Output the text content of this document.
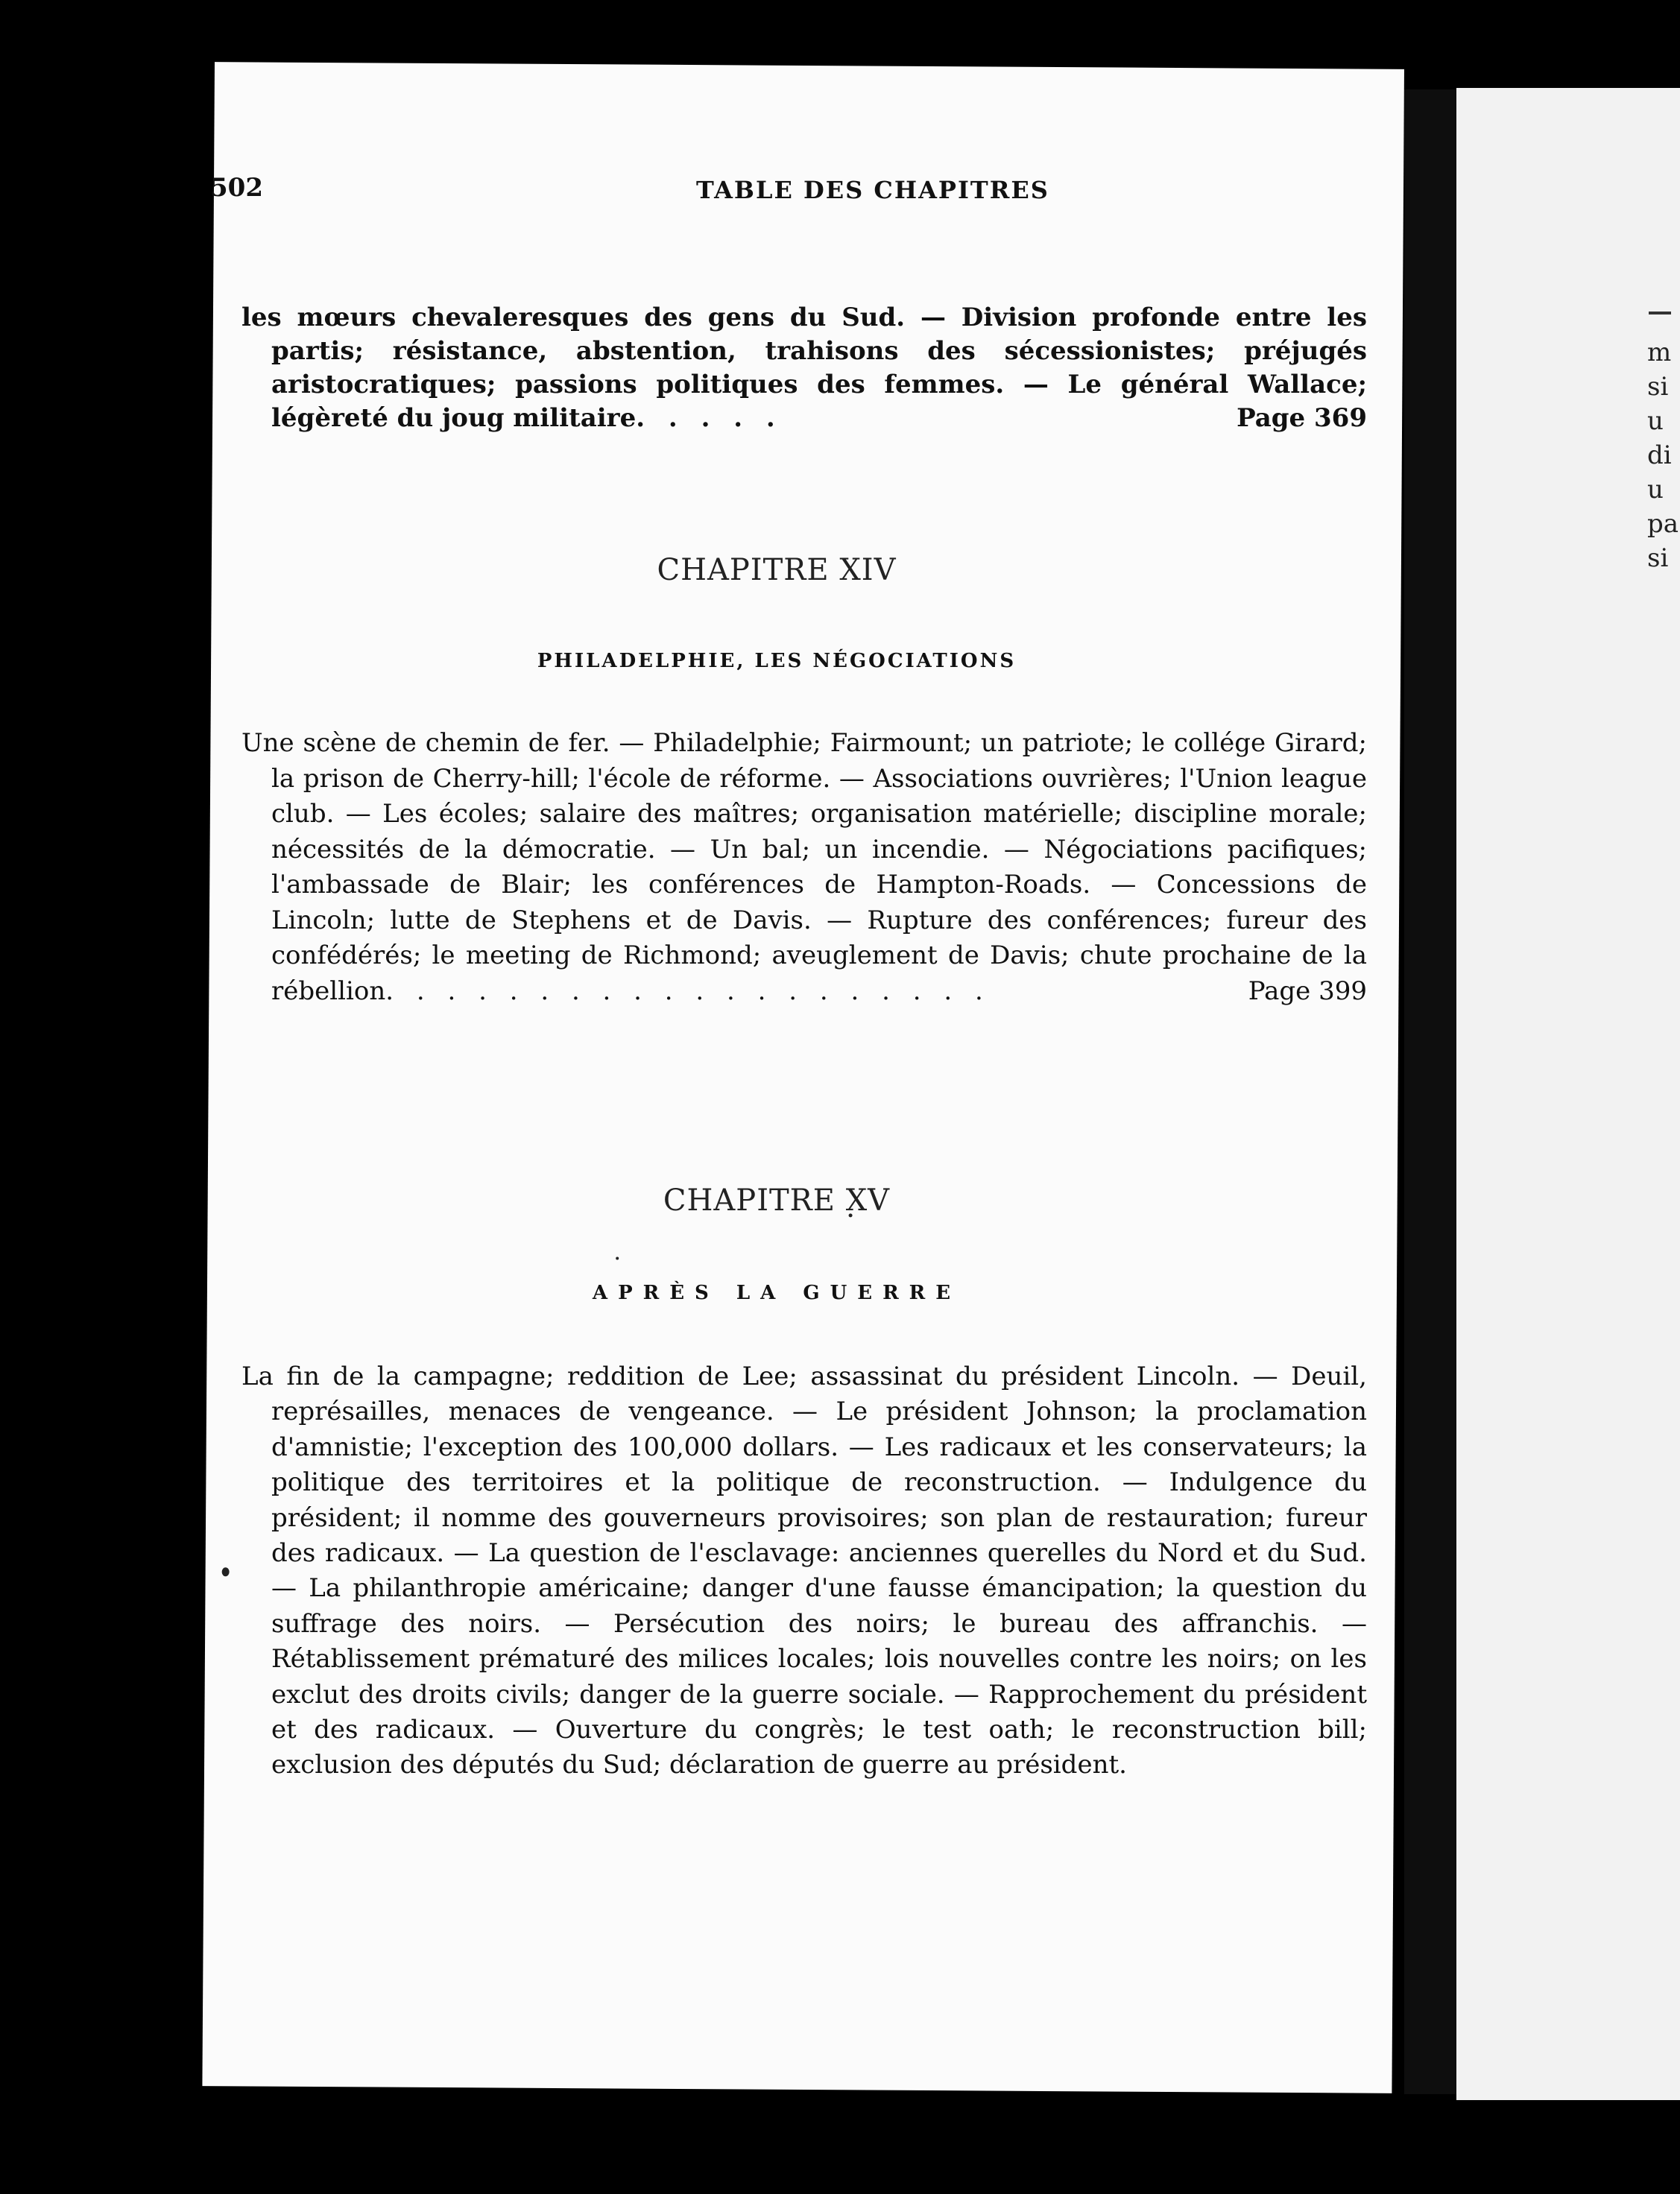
m
si
u
di
u
pa
si
502	TABLE DES CHAPITRES
les mœurs chevaleresques des gens du Sud. — Division profonde entre les partis; résistance, abstention, trahisons des sécessionistes; préjugés aristocratiques; passions politiques des femmes. — Le général Wallace; légèreté du joug militaire. . . . .	Page 369
CHAPITRE XIV
PHILADELPHIE, LES NÉGOCIATIONS
Une scène de chemin de fer. — Philadelphie; Fairmount; un patriote; le collége Girard; la prison de Cherry-hill; l'école de réforme. — Associations ouvrières; l'Union league club. — Les écoles; salaire des maîtres; organisation matérielle; discipline morale; nécessités de la démocratie. — Un bal; un incendie. — Négociations pacifiques; l'ambassade de Blair; les conférences de Hampton-Roads. — Concessions de Lincoln; lutte de Stephens et de Davis. — Rupture des conférences; fureur des confédérés; le meeting de Richmond; aveuglement de Davis; chute prochaine de la rébellion. . . . . . . . . . . . . . . . . . . .	Page 399
CHAPITRE XV
APRÈS LA GUERRE
La fin de la campagne; reddition de Lee; assassinat du président Lincoln. — Deuil, représailles, menaces de vengeance. — Le président Johnson; la proclamation d'amnistie; l'exception des 100,000 dollars. — Les radicaux et les conservateurs; la politique des territoires et la politique de reconstruction. — Indulgence du président; il nomme des gouverneurs provisoires; son plan de restauration; fureur des radicaux. — La question de l'esclavage: anciennes querelles du Nord et du Sud. — La philanthropie américaine; danger d'une fausse émancipation; la question du suffrage des noirs. — Persécution des noirs; le bureau des affranchis. — Rétablissement prématuré des milices locales; lois nouvelles contre les noirs; on les exclut des droits civils; danger de la guerre sociale. — Rapprochement du président et des radicaux. — Ouverture du congrès; le test oath; le reconstruction bill; exclusion des députés du Sud; déclaration de guerre au président.
